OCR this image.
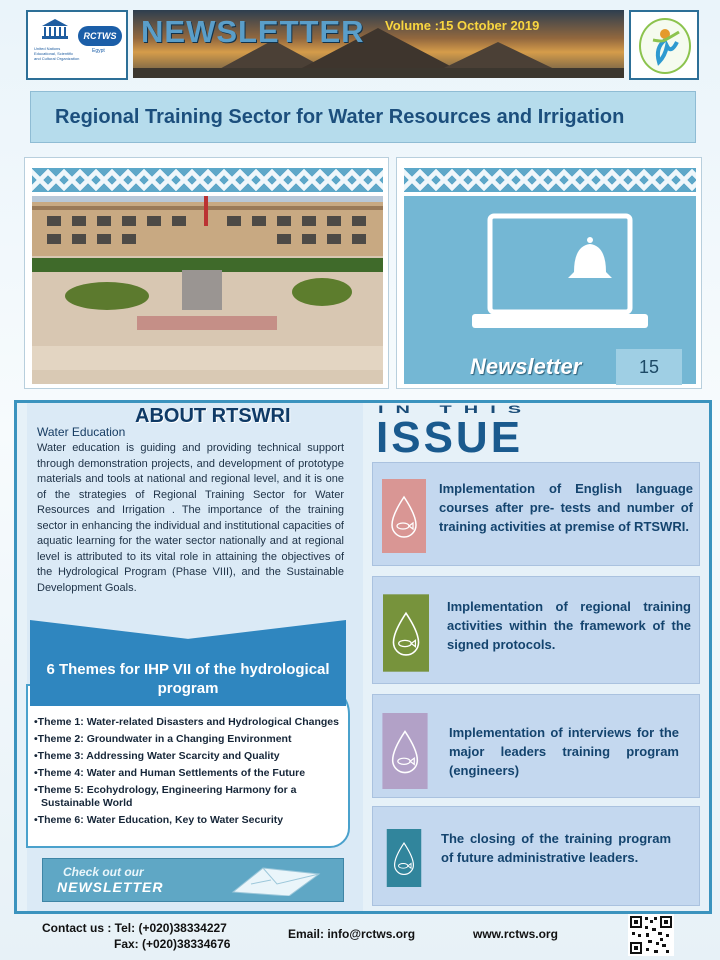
United Nations Educational, Scientific and Cultural Organization
RCTWS
Egypt
NEWSLETTER Volume :15 October 2019
Regional Training Sector for Water Resources and Irrigation
Newsletter	15
ABOUT RTSWRI
Water Education
Water education is guiding and providing technical support through demonstration projects, and development of prototype materials and tools at national and regional level, and it is one of the strategies of Regional Training Sector for Water Resources and Irrigation . The importance of the training sector in enhancing the individual and institutional capacities of aquatic learning for the water sector nationally and at regional level is attributed to its vital role in attaining the objectives of the Hydrological Program (Phase VIII), and the Sustainable Development Goals.
6 Themes for IHP VII of the hydrological program
•Theme 1: Water-related Disasters and Hydrological Changes
•Theme 2: Groundwater in a Changing Environment
•Theme 3: Addressing Water Scarcity and Quality
•Theme 4: Water and Human Settlements of the Future
•Theme 5: Ecohydrology, Engineering Harmony for a Sustainable World
•Theme 6: Water Education, Key to Water Security
Check out our
NEWSLETTER
IN THIS
ISSUE
Implementation of English language courses after pre- tests and number of training activities at premise of RTSWRI.
Implementation of regional training activities within the framework of the signed protocols.
Implementation of interviews for the major leaders training program (engineers)
The closing of the training program of future administrative leaders.
Contact us : Tel: (+020)38334227
Fax: (+020)38334676
Email: info@rctws.org	www.rctws.org
